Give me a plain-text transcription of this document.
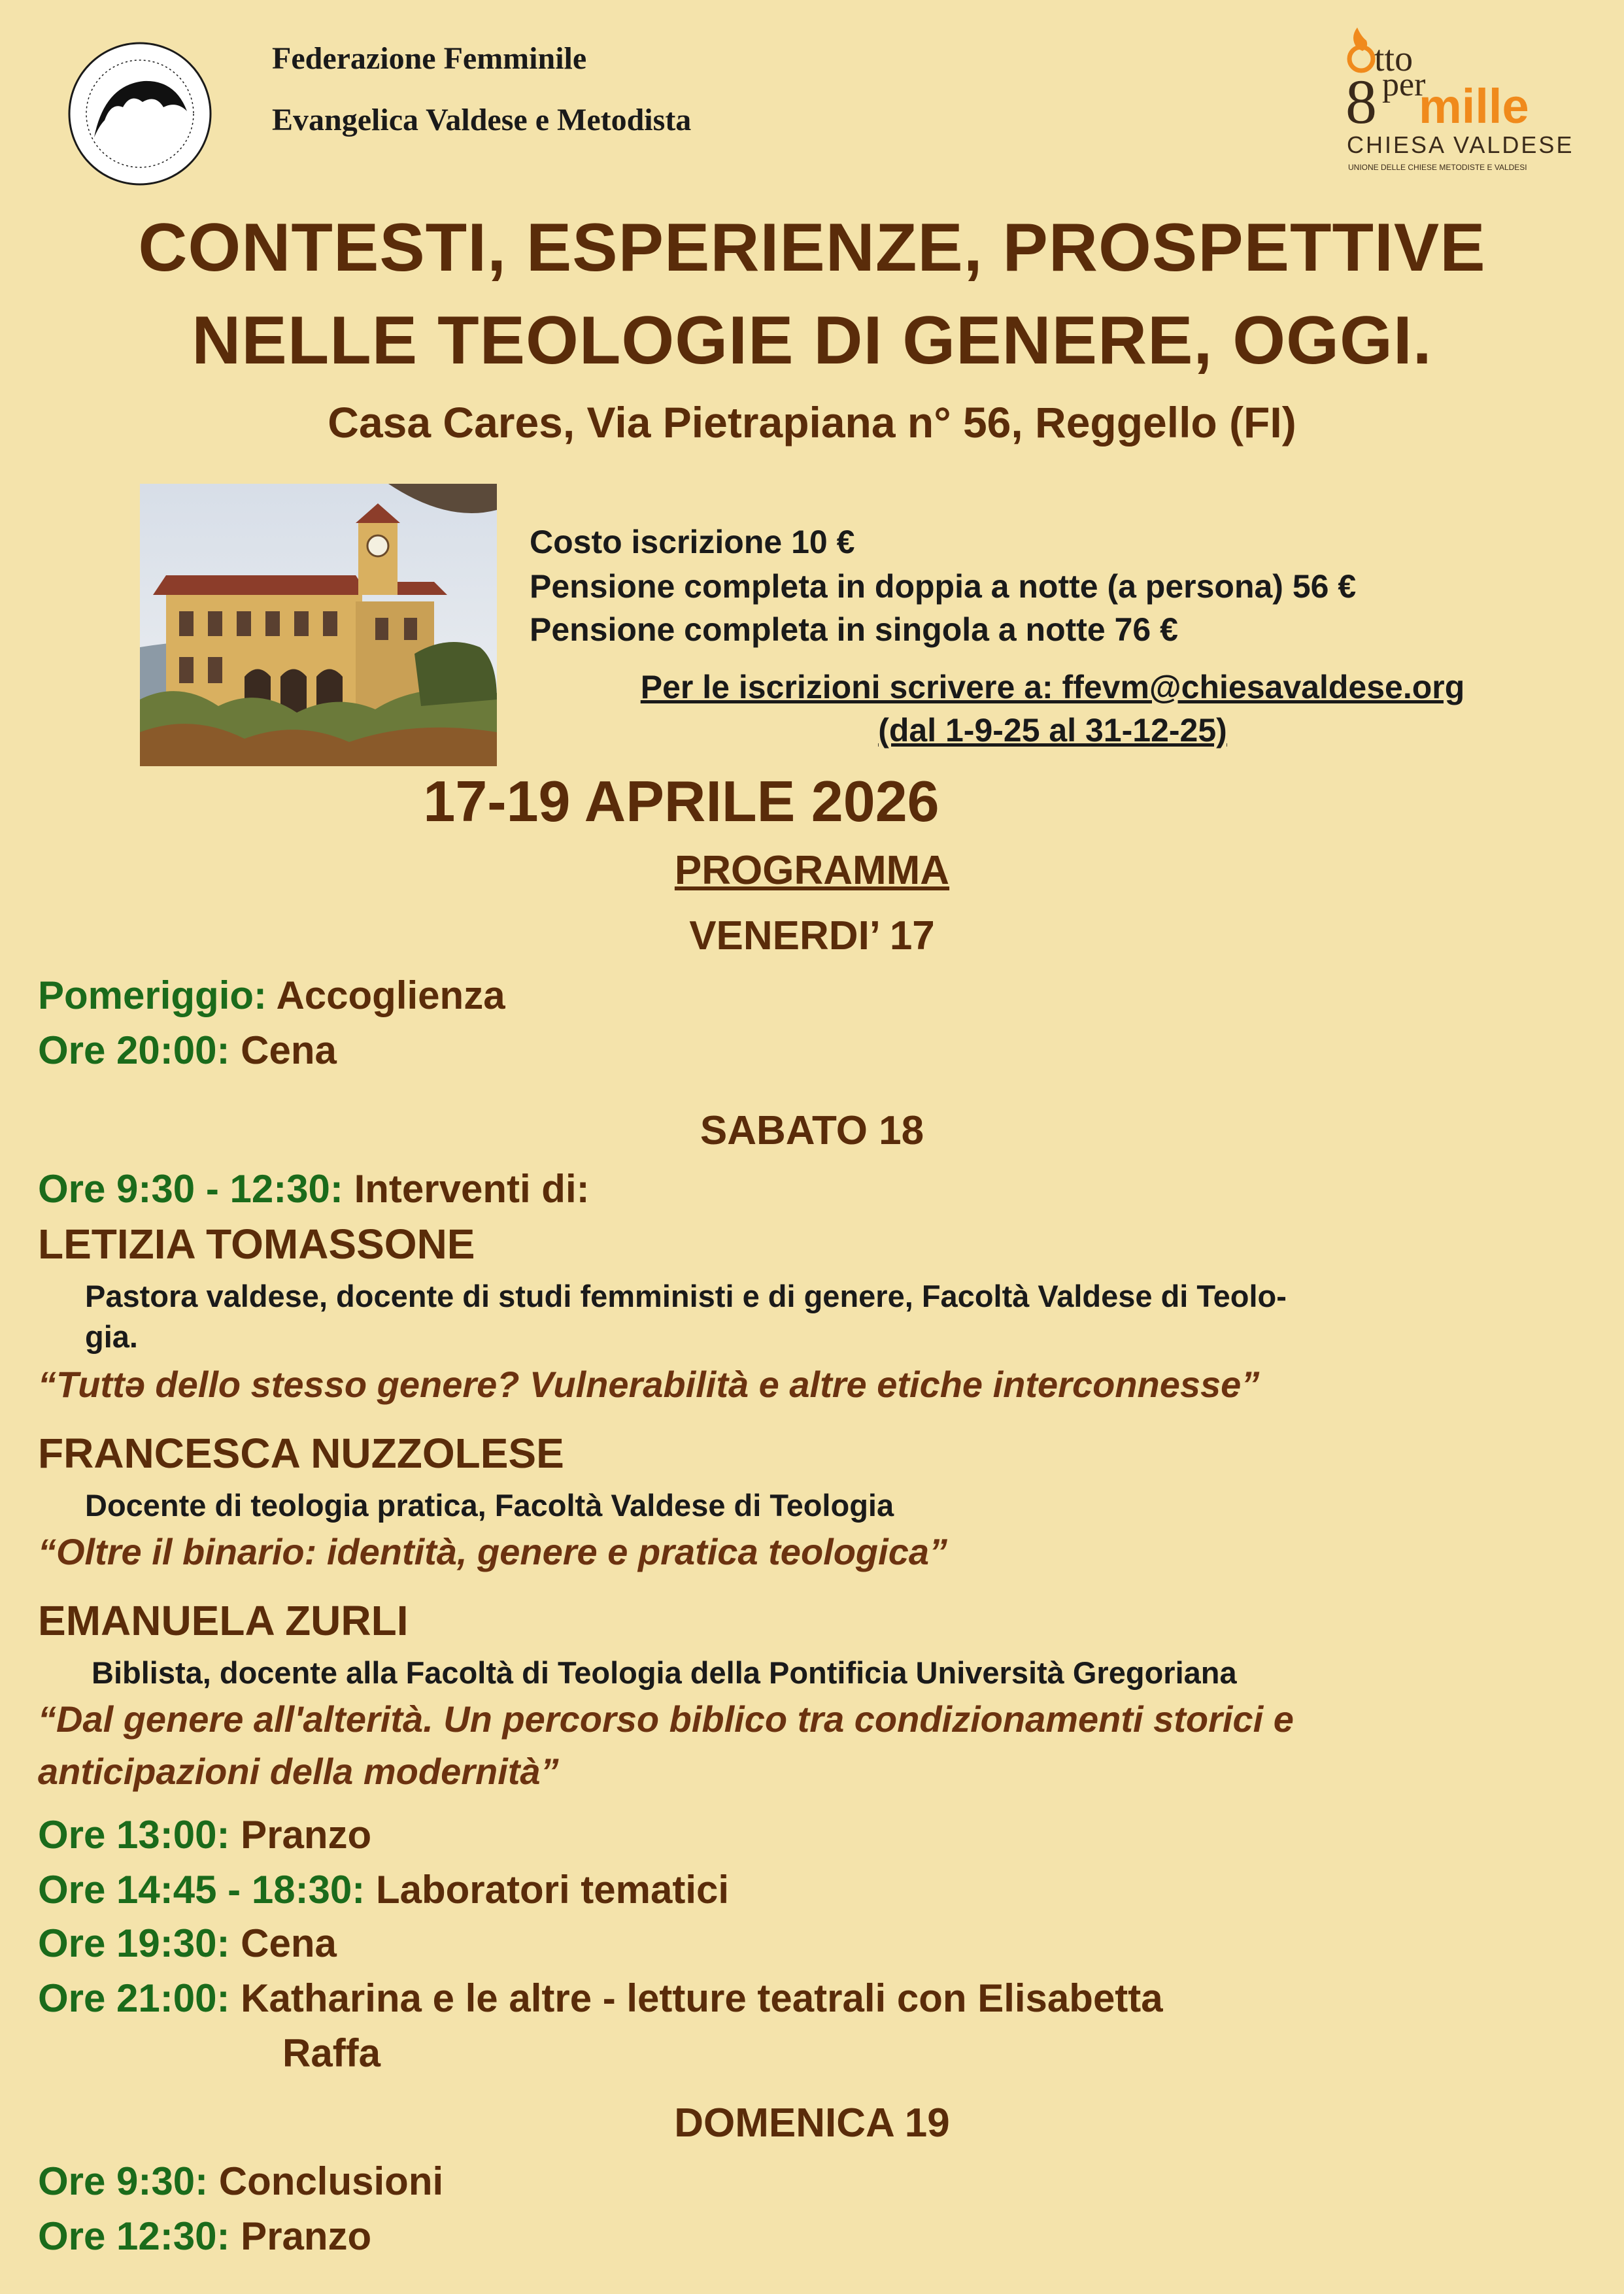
Federazione Femminile
Evangelica Valdese e Metodista
tto
8 per
mille
CHIESA VALDESE
UNIONE DELLE CHIESE METODISTE E VALDESI
CONTESTI, ESPERIENZE, PROSPETTIVE
NELLE TEOLOGIE DI GENERE, OGGI.
Casa Cares, Via Pietrapiana n° 56, Reggello (FI)
Costo iscrizione 10 €
Pensione completa in doppia a notte (a persona) 56 €
Pensione completa in singola a notte 76 €
Per le iscrizioni scrivere a: ffevm@chiesavaldese.org
(dal 1-9-25 al 31-12-25)
17-19 APRILE 2026
PROGRAMMA
VENERDI’ 17
Pomeriggio: Accoglienza
Ore 20:00: Cena
SABATO 18
Ore 9:30 - 12:30: Interventi di:
LETIZIA TOMASSONE
Pastora valdese, docente di studi femministi e di genere, Facoltà Valdese di Teolo-
gia.
“Tuttə dello stesso genere? Vulnerabilità e altre etiche interconnesse”
FRANCESCA NUZZOLESE
Docente di teologia pratica, Facoltà Valdese di Teologia
“Oltre il binario: identità, genere e pratica teologica”
EMANUELA ZURLI
Biblista, docente alla Facoltà di Teologia della Pontificia Università Gregoriana
“Dal genere all'alterità. Un percorso biblico tra condizionamenti storici e
anticipazioni della modernità”
Ore 13:00: Pranzo
Ore 14:45 - 18:30: Laboratori tematici
Ore 19:30: Cena
Ore 21:00: Katharina e le altre - letture teatrali con Elisabetta
Raffa
DOMENICA 19
Ore 9:30: Conclusioni
Ore 12:30: Pranzo
